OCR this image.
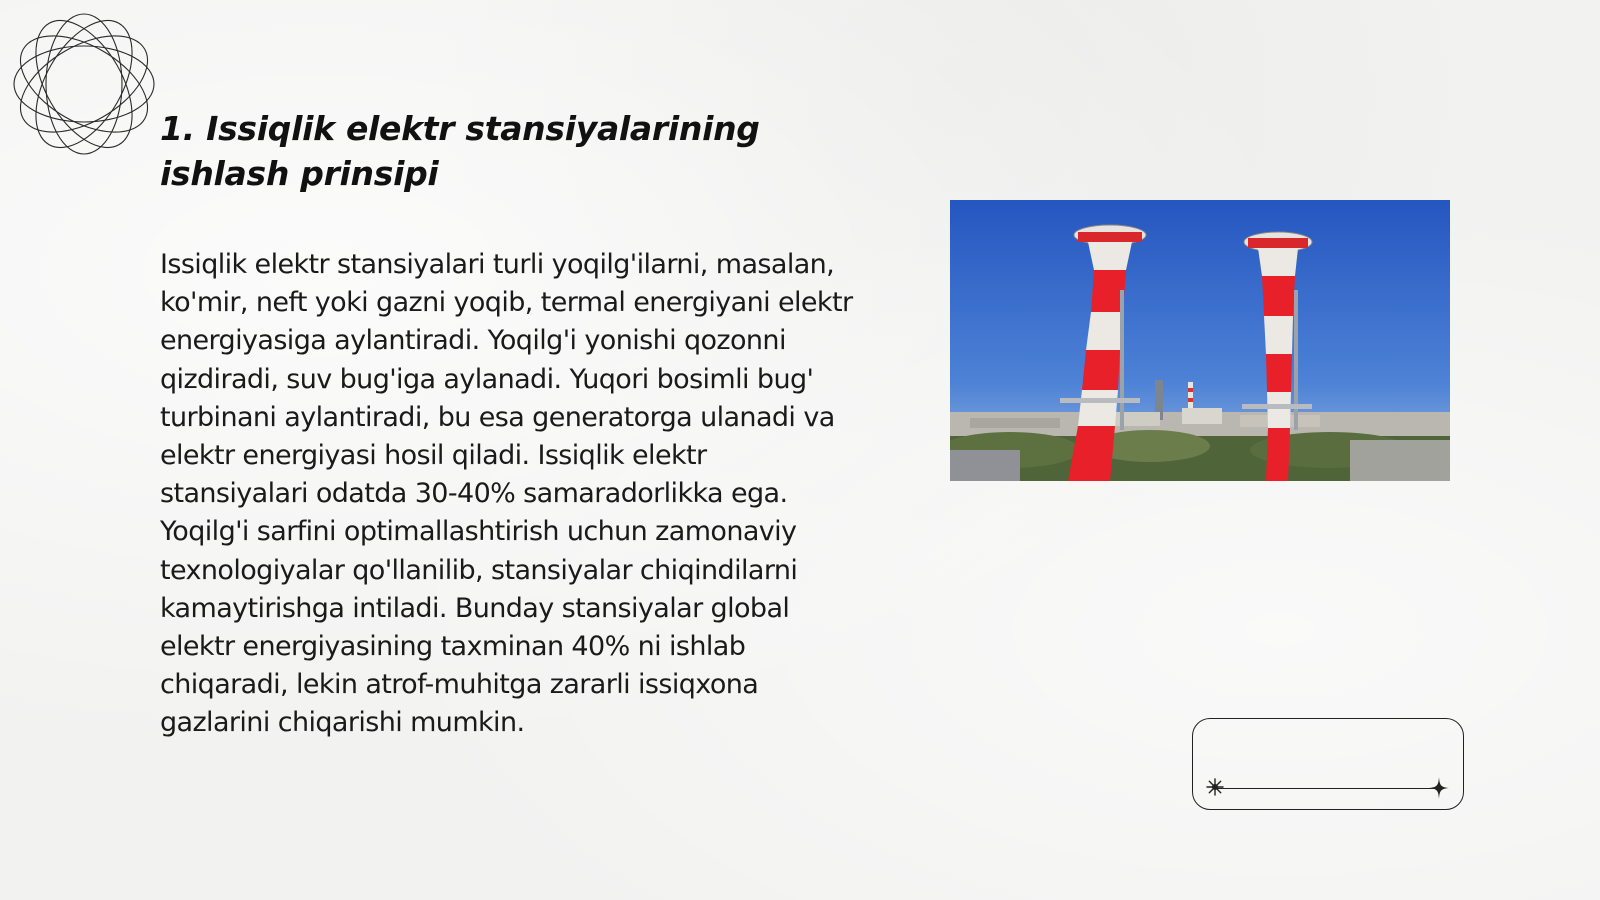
1. Issiqlik elektr stansiyalarining ishlash prinsipi

Issiqlik elektr stansiyalari turli yoqilg'ilarni, masalan, ko'mir, neft yoki gazni yoqib, termal energiyani elektr energiyasiga aylantiradi. Yoqilg'i yonishi qozonni qizdiradi, suv bug'iga aylanadi. Yuqori bosimli bug' turbinani aylantiradi, bu esa generatorga ulanadi va elektr energiyasi hosil qiladi. Issiqlik elektr stansiyalari odatda 30-40% samaradorlikka ega. Yoqilg'i sarfini optimallashtirish uchun zamonaviy texnologiyalar qo'llanilib, stansiyalar chiqindilarni kamaytirishga intiladi. Bunday stansiyalar global elektr energiyasining taxminan 40% ni ishlab chiqaradi, lekin atrof-muhitga zararli issiqxona gazlarini chiqarishi mumkin.
